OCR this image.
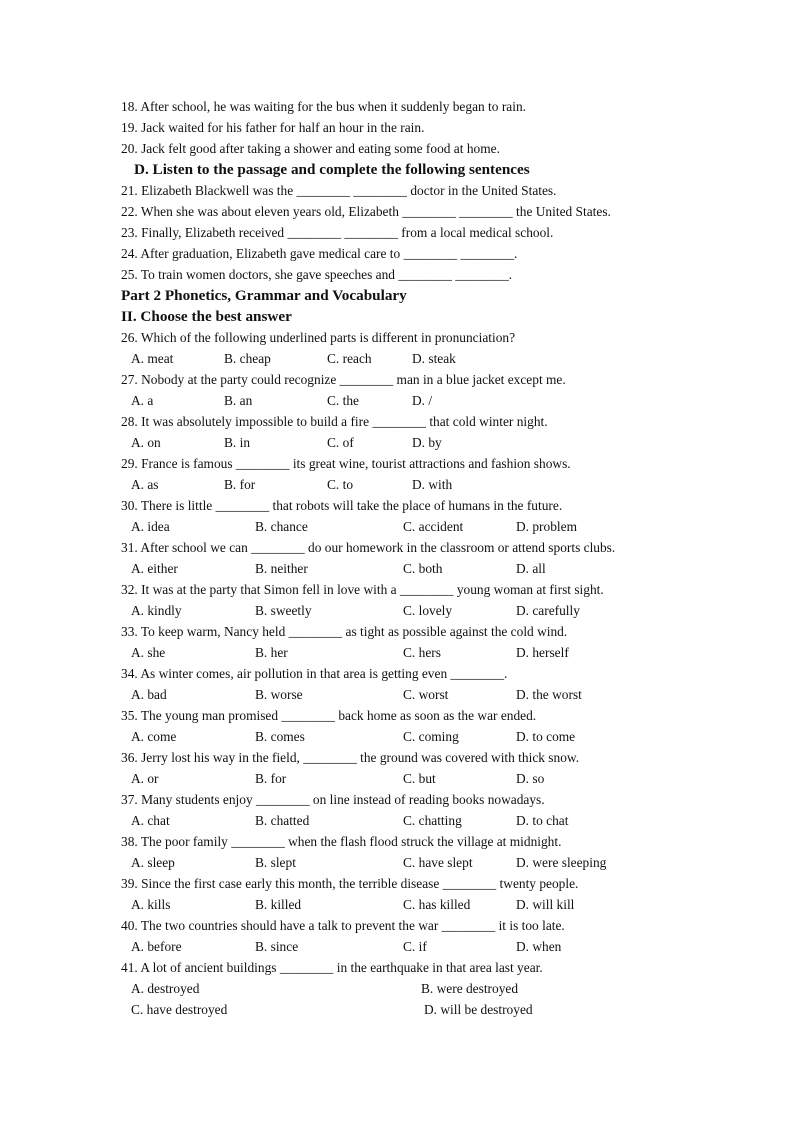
18. After school, he was waiting for the bus when it suddenly began to rain.
19. Jack waited for his father for half an hour in the rain.
20. Jack felt good after taking a shower and eating some food at home.
D. Listen to the passage and complete the following sentences
21. Elizabeth Blackwell was the ________ ________ doctor in the United States.
22. When she was about eleven years old, Elizabeth ________ ________ the United States.
23. Finally, Elizabeth received ________ ________ from a local medical school.
24. After graduation, Elizabeth gave medical care to ________ ________.
25. To train women doctors, she gave speeches and ________ ________.
Part 2 Phonetics, Grammar and Vocabulary
II. Choose the best answer
26. Which of the following underlined parts is different in pronunciation?
A. meat	B. cheap	C. reach	D. steak
27. Nobody at the party could recognize ________ man in a blue jacket except me.
A. a	B. an	C. the	D. /
28. It was absolutely impossible to build a fire ________ that cold winter night.
A. on	B. in	C. of	D. by
29. France is famous ________ its great wine, tourist attractions and fashion shows.
A. as	B. for	C. to	D. with
30. There is little ________ that robots will take the place of humans in the future.
A. idea	B. chance	C. accident	D. problem
31. After school we can ________ do our homework in the classroom or attend sports clubs.
A. either	B. neither	C. both	D. all
32. It was at the party that Simon fell in love with a ________ young woman at first sight.
A. kindly	B. sweetly	C. lovely	D. carefully
33. To keep warm, Nancy held ________ as tight as possible against the cold wind.
A. she	B. her	C. hers	D. herself
34. As winter comes, air pollution in that area is getting even ________.
A. bad	B. worse	C. worst	D. the worst
35. The young man promised ________ back home as soon as the war ended.
A. come	B. comes	C. coming	D. to come
36. Jerry lost his way in the field, ________ the ground was covered with thick snow.
A. or	B. for	C. but	D. so
37. Many students enjoy ________ on line instead of reading books nowadays.
A. chat	B. chatted	C. chatting	D. to chat
38. The poor family ________ when the flash flood struck the village at midnight.
A. sleep	B. slept	C. have slept	D. were sleeping
39. Since the first case early this month, the terrible disease ________ twenty people.
A. kills	B. killed	C. has killed	D. will kill
40. The two countries should have a talk to prevent the war ________ it is too late.
A. before	B. since	C. if	D. when
41. A lot of ancient buildings ________ in the earthquake in that area last year.
A. destroyed	B. were destroyed
C. have destroyed	D. will be destroyed
